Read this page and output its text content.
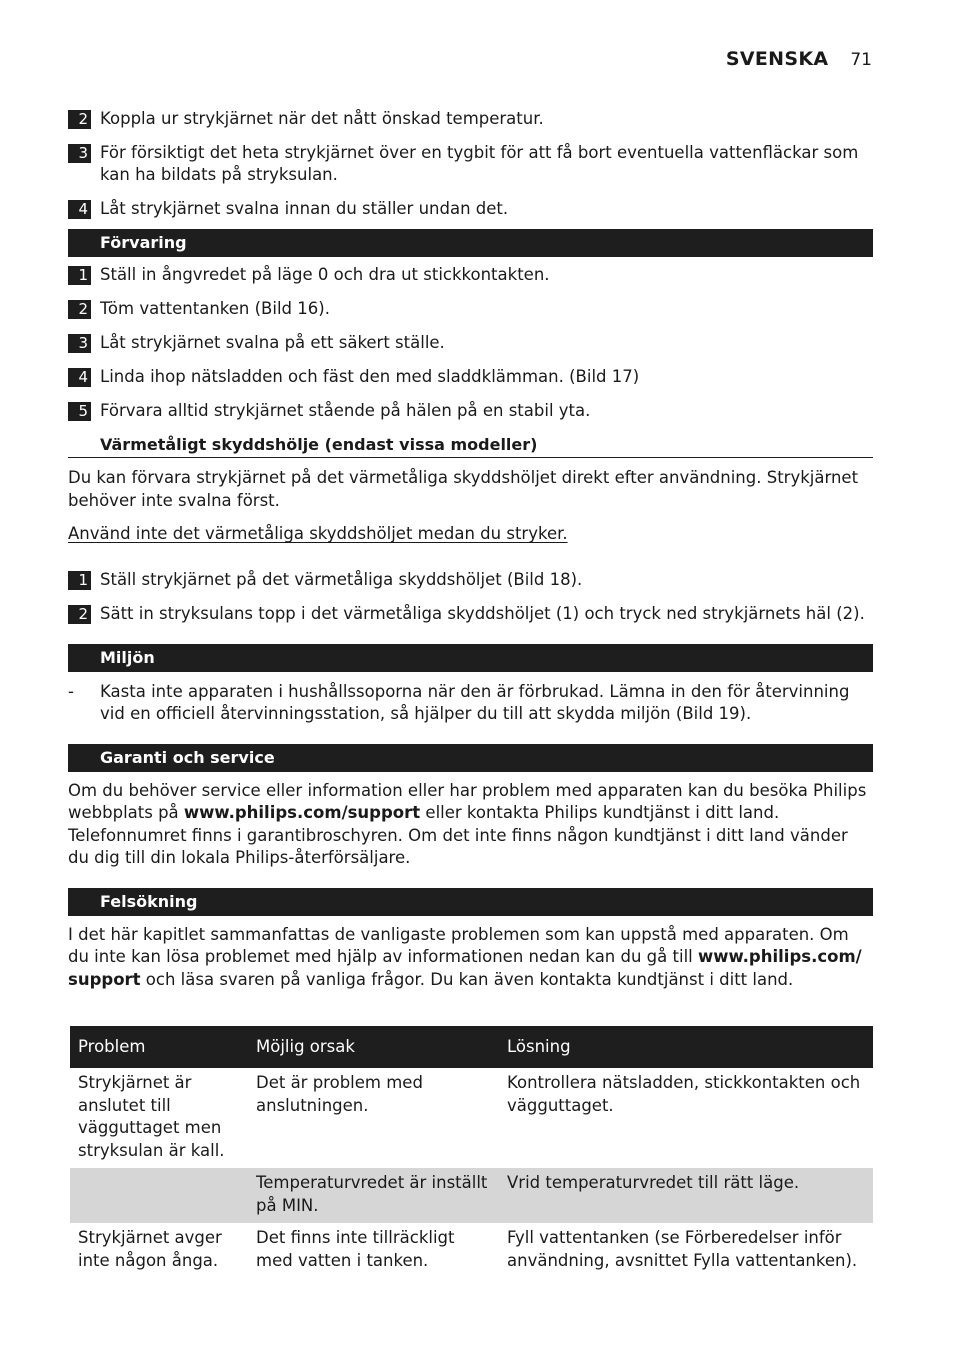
SVENSKA 71
2 Koppla ur strykjärnet när det nått önskad temperatur.
3 För försiktigt det heta strykjärnet över en tygbit för att få bort eventuella vattenfläckar som kan ha bildats på stryksulan.
4 Låt strykjärnet svalna innan du ställer undan det.
Förvaring
1 Ställ in ångvredet på läge 0 och dra ut stickkontakten.
2 Töm vattentanken (Bild 16).
3 Låt strykjärnet svalna på ett säkert ställe.
4 Linda ihop nätsladden och fäst den med sladdklämman. (Bild 17)
5 Förvara alltid strykjärnet stående på hälen på en stabil yta.
Värmetåligt skyddshölje (endast vissa modeller)
Du kan förvara strykjärnet på det värmetåliga skyddshöljet direkt efter användning. Strykjärnet behöver inte svalna först.
Använd inte det värmetåliga skyddshöljet medan du stryker.
1 Ställ strykjärnet på det värmetåliga skyddshöljet (Bild 18).
2 Sätt in stryksulans topp i det värmetåliga skyddshöljet (1) och tryck ned strykjärnets häl (2).
Miljön
-	Kasta inte apparaten i hushållssoporna när den är förbrukad. Lämna in den för återvinning vid en officiell återvinningsstation, så hjälper du till att skydda miljön (Bild 19).
Garanti och service
Om du behöver service eller information eller har problem med apparaten kan du besöka Philips webbplats på www.philips.com/support eller kontakta Philips kundtjänst i ditt land. Telefonnumret finns i garantibroschyren. Om det inte finns någon kundtjänst i ditt land vänder du dig till din lokala Philips-återförsäljare.
Felsökning
I det här kapitlet sammanfattas de vanligaste problemen som kan uppstå med apparaten. Om du inte kan lösa problemet med hjälp av informationen nedan kan du gå till www.philips.com/ support och läsa svaren på vanliga frågor. Du kan även kontakta kundtjänst i ditt land.
Problem	Möjlig orsak	Lösning
Strykjärnet är anslutet till vägguttaget men stryksulan är kall.	Det är problem med anslutningen.	Kontrollera nätsladden, stickkontakten och vägguttaget.
	Temperaturvredet är inställt på MIN.	Vrid temperaturvredet till rätt läge.
Strykjärnet avger inte någon ånga.	Det finns inte tillräckligt med vatten i tanken.	Fyll vattentanken (se Förberedelser inför användning, avsnittet Fylla vattentanken).
